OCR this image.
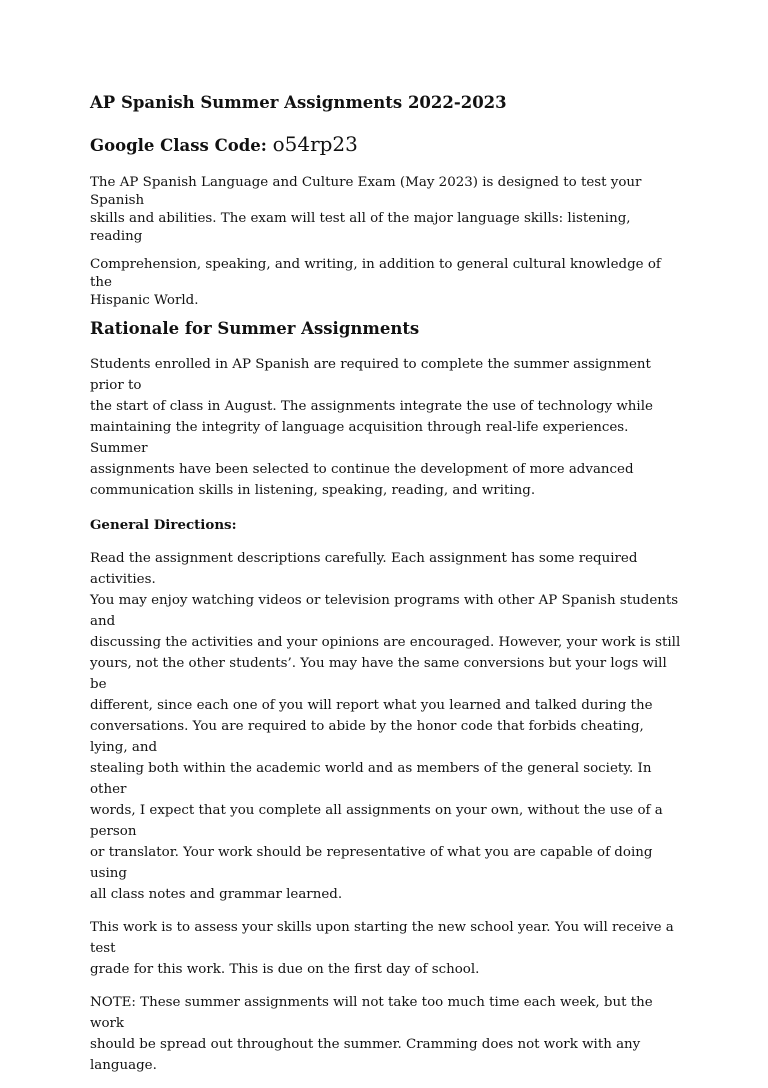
AP Spanish Summer Assignments 2022-2023
Google Class Code: o54rp23
The AP Spanish Language and Culture Exam (May 2023) is designed to test your Spanish
skills and abilities. The exam will test all of the major language skills: listening, reading
Comprehension, speaking, and writing, in addition to general cultural knowledge of the
Hispanic World.
Rationale for Summer Assignments
Students enrolled in AP Spanish are required to complete the summer assignment prior to
the start of class in August. The assignments integrate the use of technology while
maintaining the integrity of language acquisition through real-life experiences. Summer
assignments have been selected to continue the development of more advanced
communication skills in listening, speaking, reading, and writing.
General Directions:
Read the assignment descriptions carefully. Each assignment has some required activities.
You may enjoy watching videos or television programs with other AP Spanish students and
discussing the activities and your opinions are encouraged. However, your work is still
yours, not the other students’. You may have the same conversions but your logs will be
different, since each one of you will report what you learned and talked during the
conversations. You are required to abide by the honor code that forbids cheating, lying, and
stealing both within the academic world and as members of the general society. In other
words, I expect that you complete all assignments on your own, without the use of a person
or translator. Your work should be representative of what you are capable of doing using
all class notes and grammar learned.
This work is to assess your skills upon starting the new school year. You will receive a test
grade for this work. This is due on the first day of school.
NOTE: These summer assignments will not take too much time each week, but the work
should be spread out throughout the summer. Cramming does not work with any language.
